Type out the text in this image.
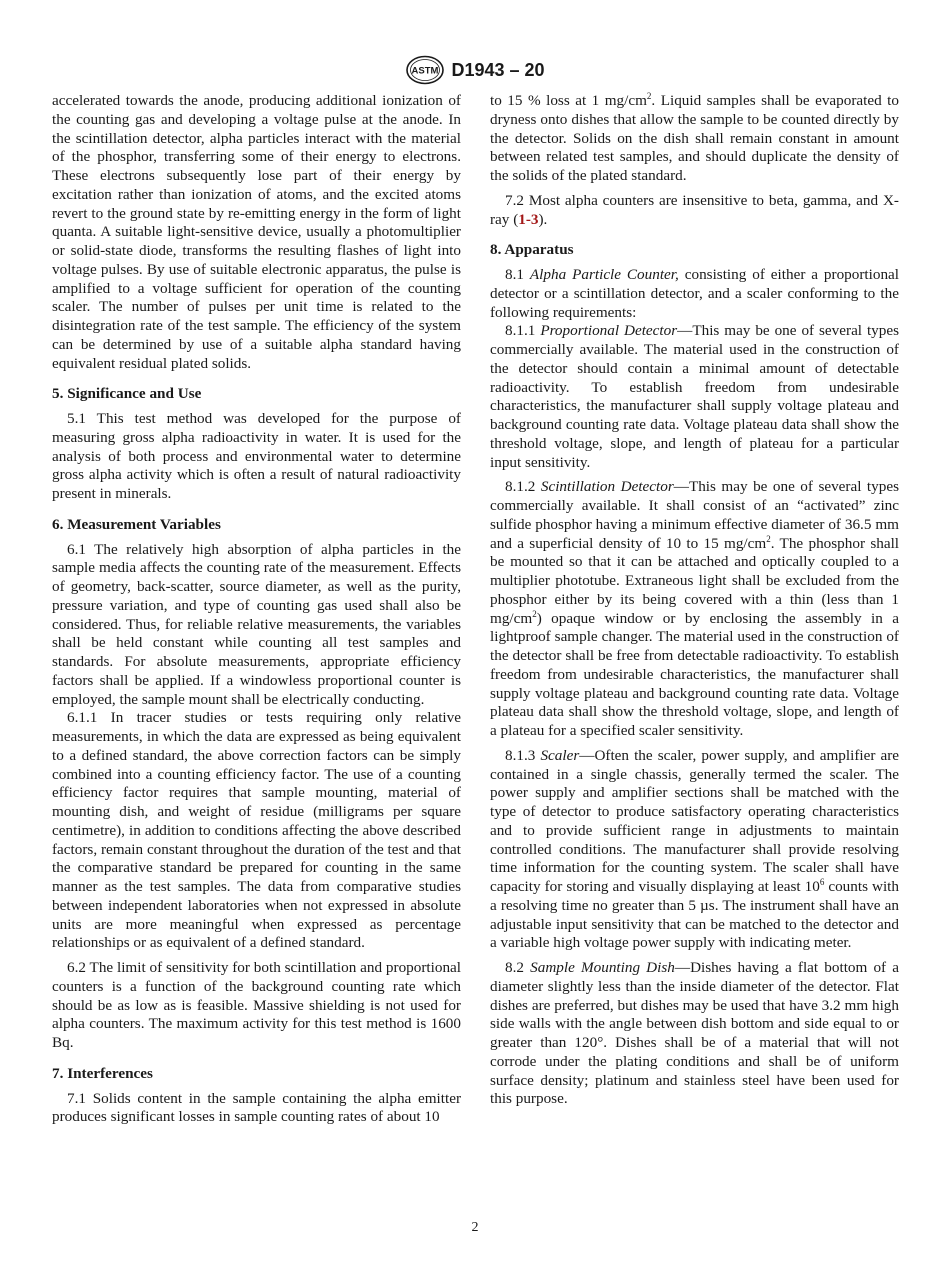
ASTM D1943 – 20

accelerated towards the anode, producing additional ionization of the counting gas and developing a voltage pulse at the anode. In the scintillation detector, alpha particles interact with the material of the phosphor, transferring some of their energy to electrons. These electrons subsequently lose part of their energy by excitation rather than ionization of atoms, and the excited atoms revert to the ground state by re-emitting energy in the form of light quanta. A suitable light-sensitive device, usually a photomultiplier or solid-state diode, transforms the resulting flashes of light into voltage pulses. By use of suitable electronic apparatus, the pulse is amplified to a voltage sufficient for operation of the counting scaler. The number of pulses per unit time is related to the disintegration rate of the test sample. The efficiency of the system can be determined by use of a suitable alpha standard having equivalent residual plated solids.

5. Significance and Use

5.1 This test method was developed for the purpose of measuring gross alpha radioactivity in water. It is used for the analysis of both process and environmental water to determine gross alpha activity which is often a result of natural radioactivity present in minerals.

6. Measurement Variables

6.1 The relatively high absorption of alpha particles in the sample media affects the counting rate of the measurement. Effects of geometry, back-scatter, source diameter, as well as the purity, pressure variation, and type of counting gas used shall also be considered. Thus, for reliable relative measurements, the variables shall be held constant while counting all test samples and standards. For absolute measurements, appropriate efficiency factors shall be applied. If a windowless proportional counter is employed, the sample mount shall be electrically conducting.

6.1.1 In tracer studies or tests requiring only relative measurements, in which the data are expressed as being equivalent to a defined standard, the above correction factors can be simply combined into a counting efficiency factor. The use of a counting efficiency factor requires that sample mounting, material of mounting dish, and weight of residue (milligrams per square centimetre), in addition to conditions affecting the above described factors, remain constant throughout the duration of the test and that the comparative standard be prepared for counting in the same manner as the test samples. The data from comparative studies between independent laboratories when not expressed in absolute units are more meaningful when expressed as percentage relationships or as equivalent of a defined standard.

6.2 The limit of sensitivity for both scintillation and proportional counters is a function of the background counting rate which should be as low as is feasible. Massive shielding is not used for alpha counters. The maximum activity for this test method is 1600 Bq.

7. Interferences

7.1 Solids content in the sample containing the alpha emitter produces significant losses in sample counting rates of about 10

to 15 % loss at 1 $mg/cm^2$. Liquid samples shall be evaporated to dryness onto dishes that allow the sample to be counted directly by the detector. Solids on the dish shall remain constant in amount between related test samples, and should duplicate the density of the solids of the plated standard.

7.2 Most alpha counters are insensitive to beta, gamma, and X-ray (1-3).

8. Apparatus

8.1 Alpha Particle Counter, consisting of either a proportional detector or a scintillation detector, and a scaler conforming to the following requirements:

8.1.1 Proportional Detector—This may be one of several types commercially available. The material used in the construction of the detector should contain a minimal amount of detectable radioactivity. To establish freedom from undesirable characteristics, the manufacturer shall supply voltage plateau and background counting rate data. Voltage plateau data shall show the threshold voltage, slope, and length of plateau for a particular input sensitivity.

8.1.2 Scintillation Detector—This may be one of several types commercially available. It shall consist of an “activated” zinc sulfide phosphor having a minimum effective diameter of 36.5 mm and a superficial density of 10 to 15 $mg/cm^2$. The phosphor shall be mounted so that it can be attached and optically coupled to a multiplier phototube. Extraneous light shall be excluded from the phosphor either by its being covered with a thin (less than 1 $mg/cm^2$) opaque window or by enclosing the assembly in a lightproof sample changer. The material used in the construction of the detector shall be free from detectable radioactivity. To establish freedom from undesirable characteristics, the manufacturer shall supply voltage plateau and background counting rate data. Voltage plateau data shall show the threshold voltage, slope, and length of a plateau for a specified scaler sensitivity.

8.1.3 Scaler—Often the scaler, power supply, and amplifier are contained in a single chassis, generally termed the scaler. The power supply and amplifier sections shall be matched with the type of detector to produce satisfactory operating characteristics and to provide sufficient range in adjustments to maintain controlled conditions. The manufacturer shall provide resolving time information for the counting system. The scaler shall have capacity for storing and visually displaying at least $10^6$ counts with a resolving time no greater than 5 µs. The instrument shall have an adjustable input sensitivity that can be matched to the detector and a variable high voltage power supply with indicating meter.

8.2 Sample Mounting Dish—Dishes having a flat bottom of a diameter slightly less than the inside diameter of the detector. Flat dishes are preferred, but dishes may be used that have 3.2 mm high side walls with the angle between dish bottom and side equal to or greater than 120°. Dishes shall be of a material that will not corrode under the plating conditions and shall be of uniform surface density; platinum and stainless steel have been used for this purpose.

2
